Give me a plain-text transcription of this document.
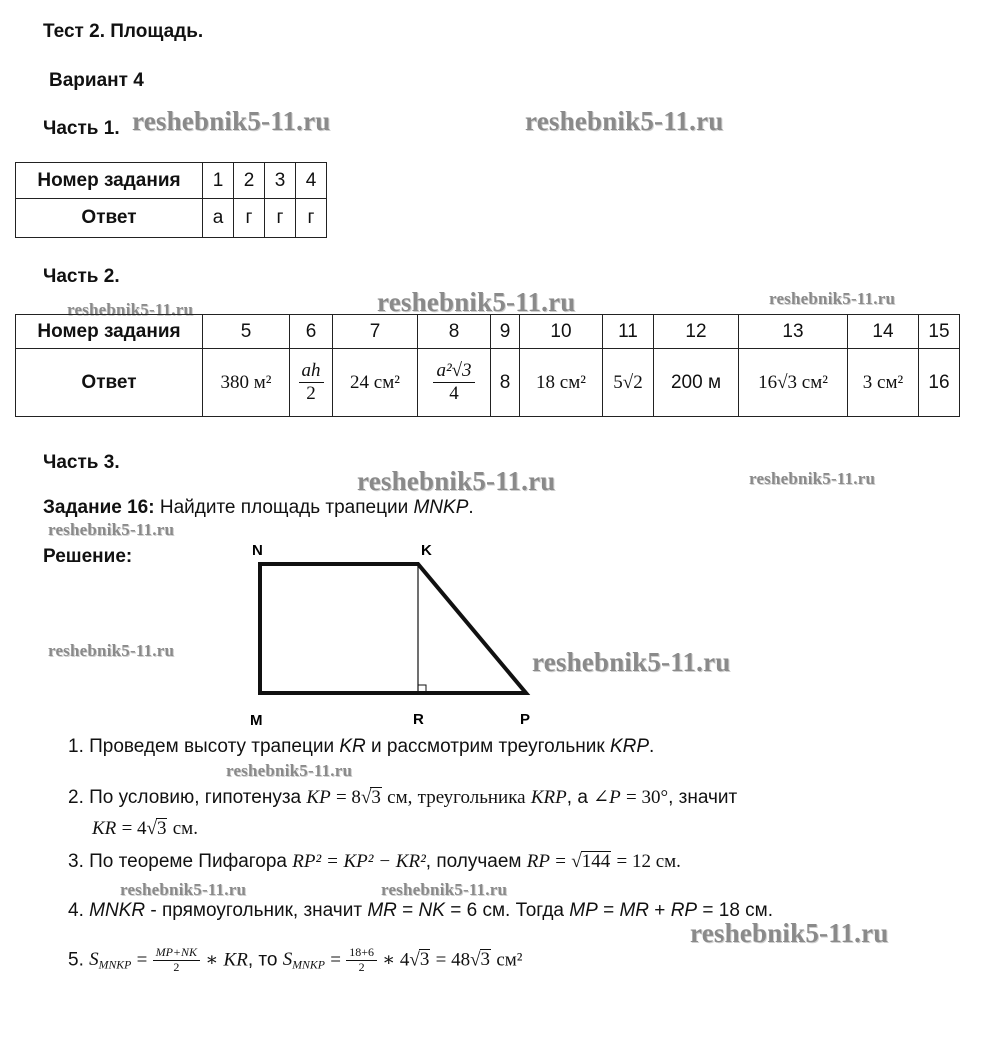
Тест 2. Площадь.
Вариант 4
Часть 1. reshebnik5-11.ru	reshebnik5-11.ru
reshebnik5-11.ru	reshebnik5-11.ru	reshebnik5-11.ru
reshebnik5-11.ru	reshebnik5-11.ru
reshebnik5-11.ru
reshebnik5-11.ru	reshebnik5-11.ru
reshebnik5-11.ru
reshebnik5-11.ru	reshebnik5-11.ru
reshebnik5-11.ru
Номер задания	1	2	3	4
Ответ	а	г	г	г
Часть 2.
Номер задания	5	6	7	8	9	10	11	12	13	14	15
Ответ	380 м²	$\frac{ah}{2}$	24 см²	$\frac{\text{a²√3}}{4}$	8	18 см²	5√2	200 м	16√3 см²	3 см²	16
Часть 3.
Задание 16: Найдите площадь трапеции MNKP.
Решение:	N	K
M	R	P
1. Проведем высоту трапеции KR и рассмотрим треугольник KRP.
2. По условию, гипотенуза KP = 8√3 см, треугольника KRP, а ∠P = 30°, значит
KR = 4√3 см.
3. По теореме Пифагора RP² = KP² − KR², получаем RP = √144 = 12 см.
4. MNKR - прямоугольник, значит MR = NK = 6 см. Тогда MP = MR + RP = 18 см.
5. $S_{MNKP} = \frac{MP+NK}{2}$ ∗ KR, то $S_{MNKP} = \frac{18+6}{2}$ ∗ 4√3 = 48√3 см²
